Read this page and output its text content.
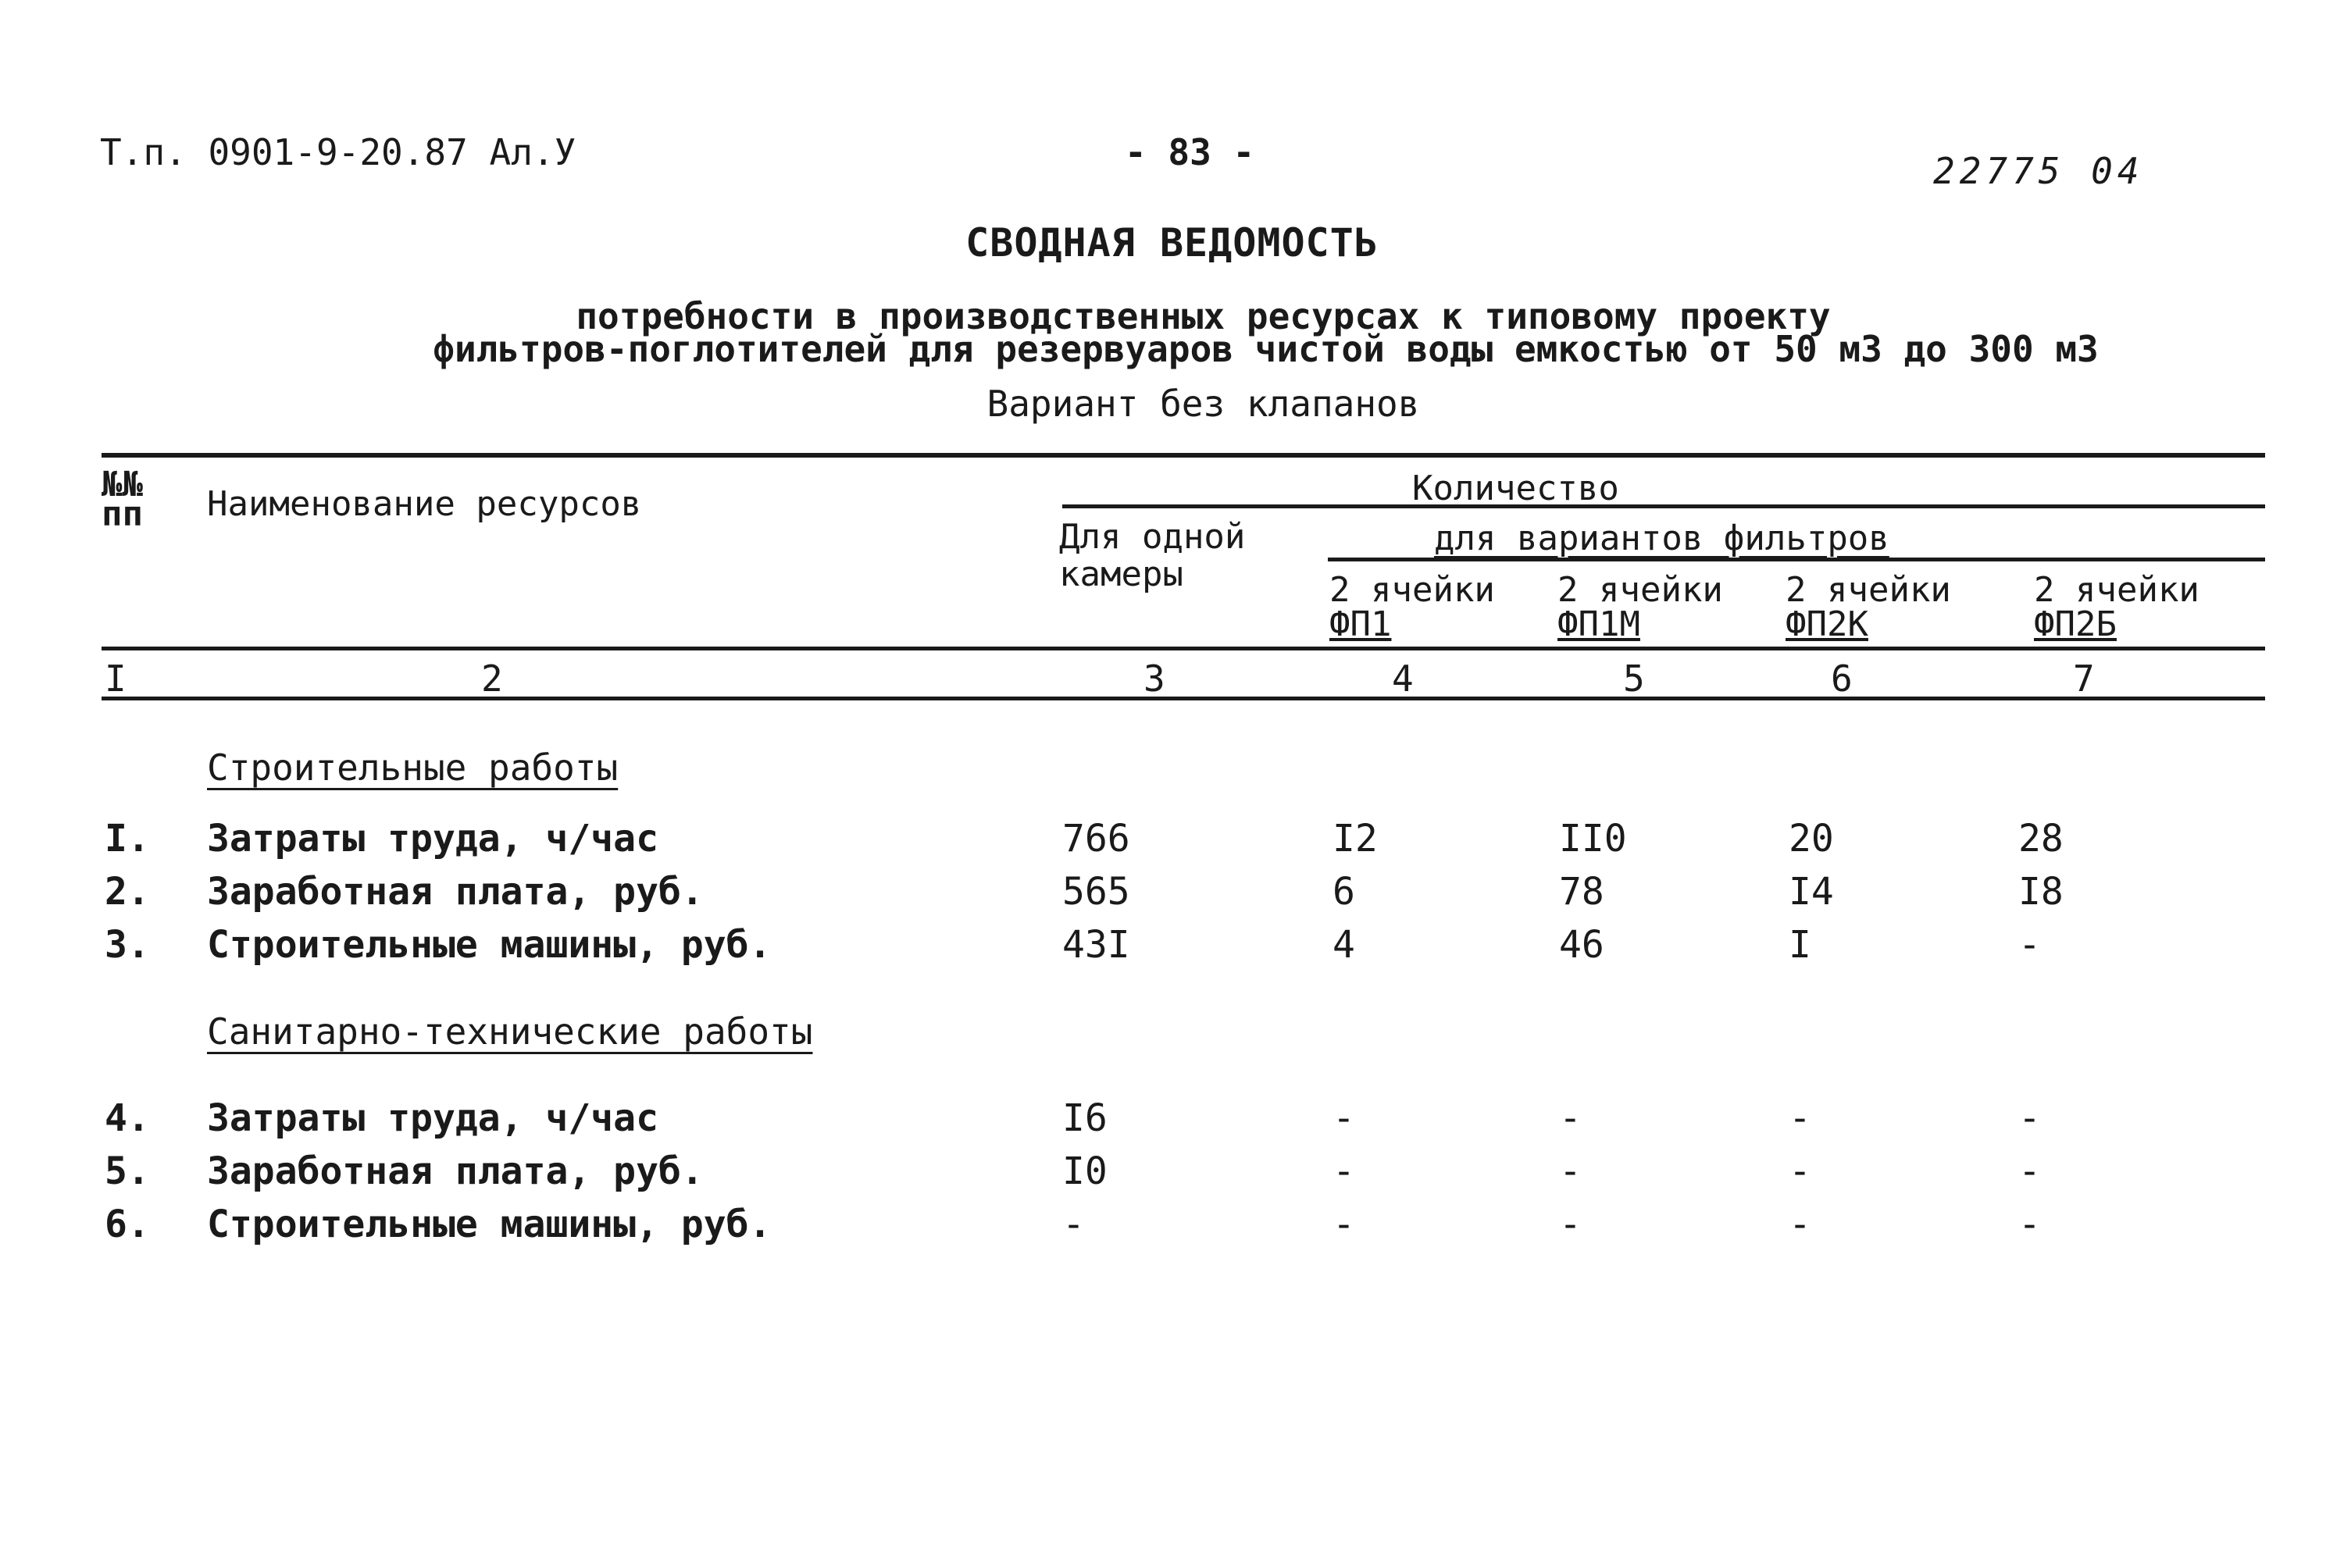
Т.п. 0901-9-20.87 Ал.У	- 83 -	22775 04
СВОДНАЯ ВЕДОМОСТЬ
потребности в производственных ресурсах к типовому проекту
фильтров-поглотителей для резервуаров чистой воды емкостью от 50 м3 до 300 м3
Вариант без клапанов
№№
пп Наименование ресурсов	Количество
Для одной
камеры
для вариантов фильтров
2 ячейки
ФП1
2 ячейки
ФП1М
2 ячейки
ФП2К
2 ячейки
ФП2Б
I	2	3	4	5	6	7
Строительные работы
I. Затраты труда, ч/час	766	I2	II0	20	28
2. Заработная плата, руб.	565	6	78	I4	I8
3. Строительные машины, руб.	43I	4	46	I	-
Санитарно-технические работы
4. Затраты труда, ч/час	I6	-	-	-	-
5. Заработная плата, руб.	I0	-	-	-	-
6. Строительные машины, руб.	-	-	-	-	-
